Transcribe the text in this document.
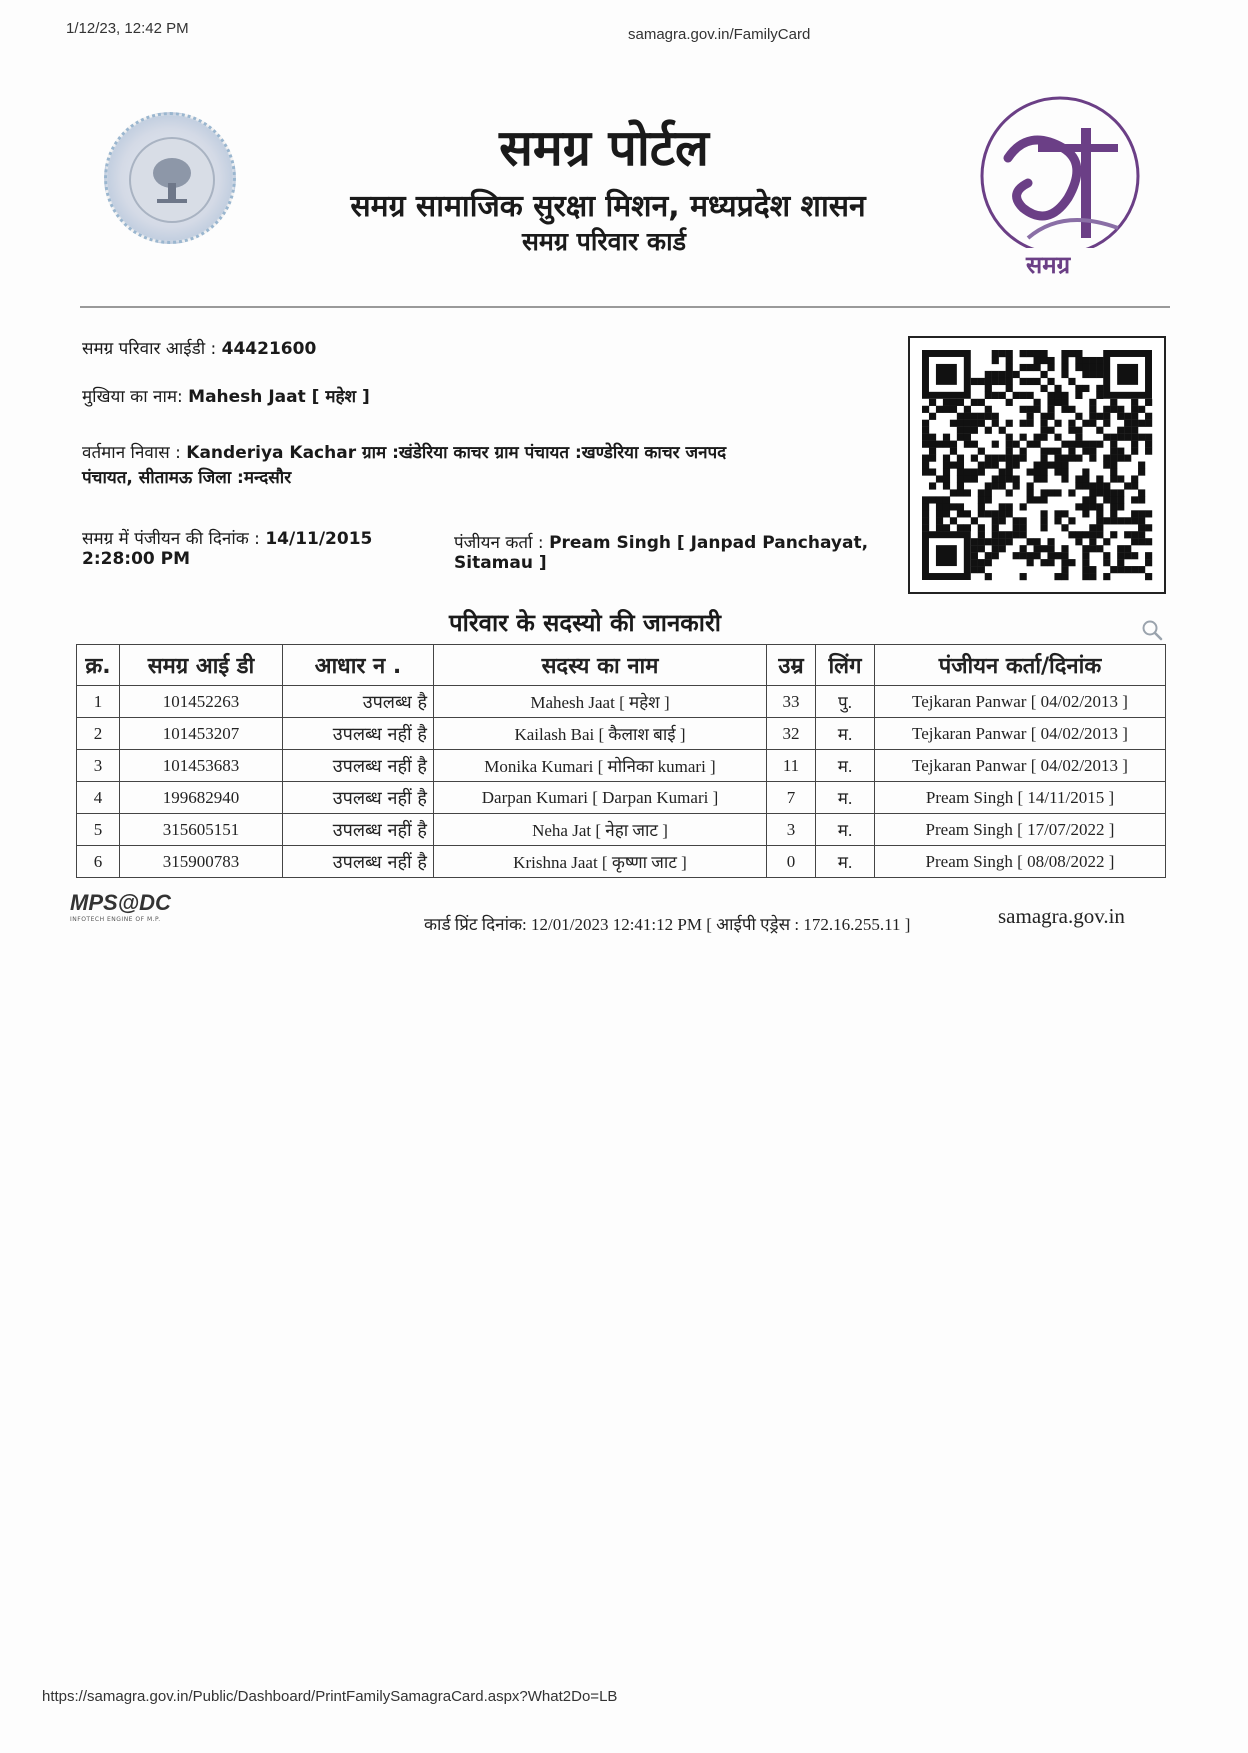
1/12/23, 12:42 PM	samagra.gov.in/FamilyCard
समग्र पोर्टल
समग्र सामाजिक सुरक्षा मिशन, मध्यप्रदेश शासन
समग्र परिवार कार्ड
समग्र
समग्र परिवार आईडी : 44421600
मुखिया का नाम: Mahesh Jaat [ महेश ]
वर्तमान निवास : Kanderiya Kachar ग्राम :खंडेरिया काचर ग्राम पंचायत :खण्डेरिया काचर जनपद
पंचायत, सीतामऊ जिला :मन्दसौर
समग्र में पंजीयन की दिनांक : 14/11/2015
2:28:00 PM
पंजीयन कर्ता : Pream Singh [ Janpad Panchayat,
Sitamau ]
परिवार के सदस्यो की जानकारी
क्र.	समग्र आई डी	आधार न .	सदस्य का नाम	उम्र	लिंग	पंजीयन कर्ता/दिनांक
1	101452263	उपलब्ध है	Mahesh Jaat [ महेश ]	33	पु.	Tejkaran Panwar [ 04/02/2013 ]
2	101453207	उपलब्ध नहीं है	Kailash Bai [ कैलाश बाई ]	32	म.	Tejkaran Panwar [ 04/02/2013 ]
3	101453683	उपलब्ध नहीं है	Monika Kumari [ मोनिका kumari ]	11	म.	Tejkaran Panwar [ 04/02/2013 ]
4	199682940	उपलब्ध नहीं है	Darpan Kumari [ Darpan Kumari ]	7	म.	Pream Singh [ 14/11/2015 ]
5	315605151	उपलब्ध नहीं है	Neha Jat [ नेहा जाट ]	3	म.	Pream Singh [ 17/07/2022 ]
6	315900783	उपलब्ध नहीं है	Krishna Jaat [ कृष्णा जाट ]	0	म.	Pream Singh [ 08/08/2022 ]
MPS@DC
INFOTECH ENGINE OF M.P.	कार्ड प्रिंट दिनांक: 12/01/2023 12:41:12 PM [ आईपी एड्रेस : 172.16.255.11 ]	samagra.gov.in
https://samagra.gov.in/Public/Dashboard/PrintFamilySamagraCard.aspx?What2Do=LB
